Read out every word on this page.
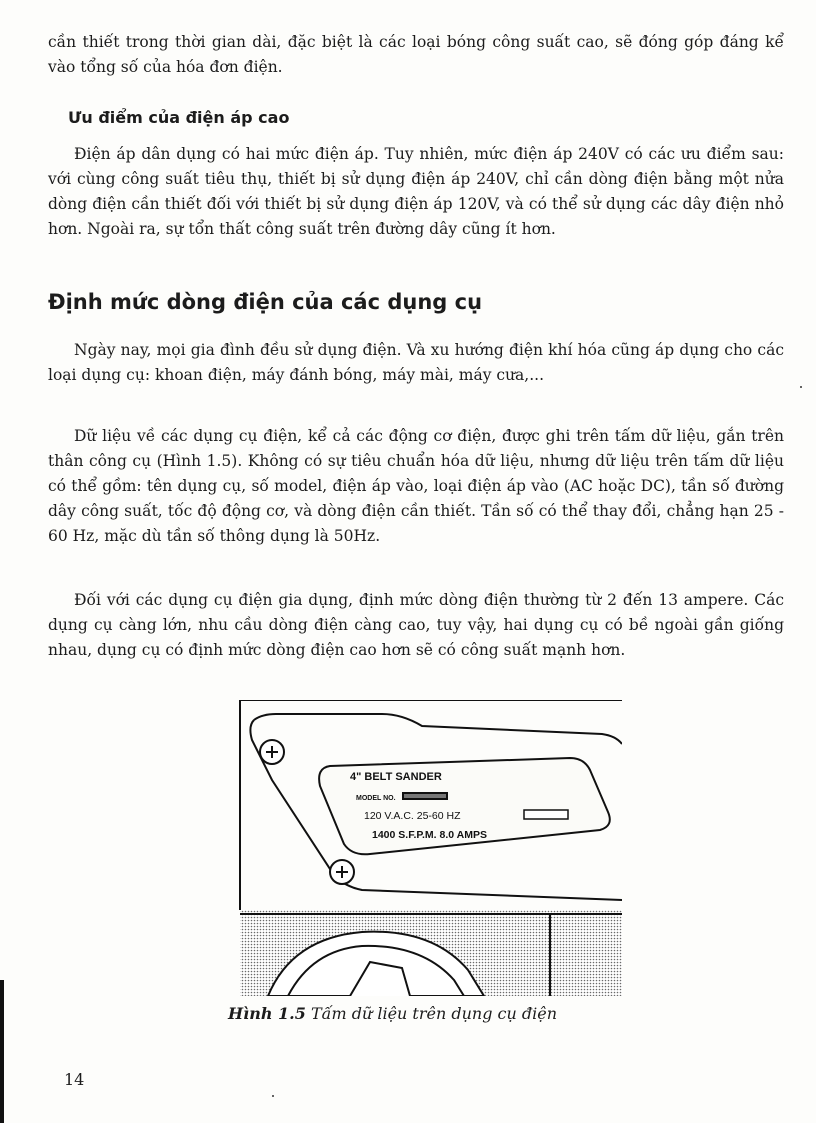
cần thiết trong thời gian dài, đặc biệt là các loại bóng công suất cao, sẽ đóng góp đáng kể vào tổng số của hóa đơn điện.

Ưu điểm của điện áp cao

Điện áp dân dụng có hai mức điện áp. Tuy nhiên, mức điện áp 240V có các ưu điểm sau: với cùng công suất tiêu thụ, thiết bị sử dụng điện áp 240V, chỉ cần dòng điện bằng một nửa dòng điện cần thiết đối với thiết bị sử dụng điện áp 120V, và có thể sử dụng các dây điện nhỏ hơn. Ngoài ra, sự tổn thất công suất trên đường dây cũng ít hơn.

Định mức dòng điện của các dụng cụ

Ngày nay, mọi gia đình đều sử dụng điện. Và xu hướng điện khí hóa cũng áp dụng cho các loại dụng cụ: khoan điện, máy đánh bóng, máy mài, máy cưa,...

Dữ liệu về các dụng cụ điện, kể cả các động cơ điện, được ghi trên tấm dữ liệu, gắn trên thân công cụ (Hình 1.5). Không có sự tiêu chuẩn hóa dữ liệu, nhưng dữ liệu trên tấm dữ liệu có thể gồm: tên dụng cụ, số model, điện áp vào, loại điện áp vào (AC hoặc DC), tần số đường dây công suất, tốc độ động cơ, và dòng điện cần thiết. Tần số có thể thay đổi, chẳng hạn 25 - 60 Hz, mặc dù tần số thông dụng là 50Hz.

Đối với các dụng cụ điện gia dụng, định mức dòng điện thường từ 2 đến 13 ampere. Các dụng cụ càng lớn, nhu cầu dòng điện càng cao, tuy vậy, hai dụng cụ có bề ngoài gần giống nhau, dụng cụ có định mức dòng điện cao hơn sẽ có công suất mạnh hơn.

4" BELT SANDER
MODEL NO.
120 V.A.C. 25-60 HZ
1400 S.F.P.M. 8.0 AMPS
Hình 1.5 Tấm dữ liệu trên dụng cụ điện
14
